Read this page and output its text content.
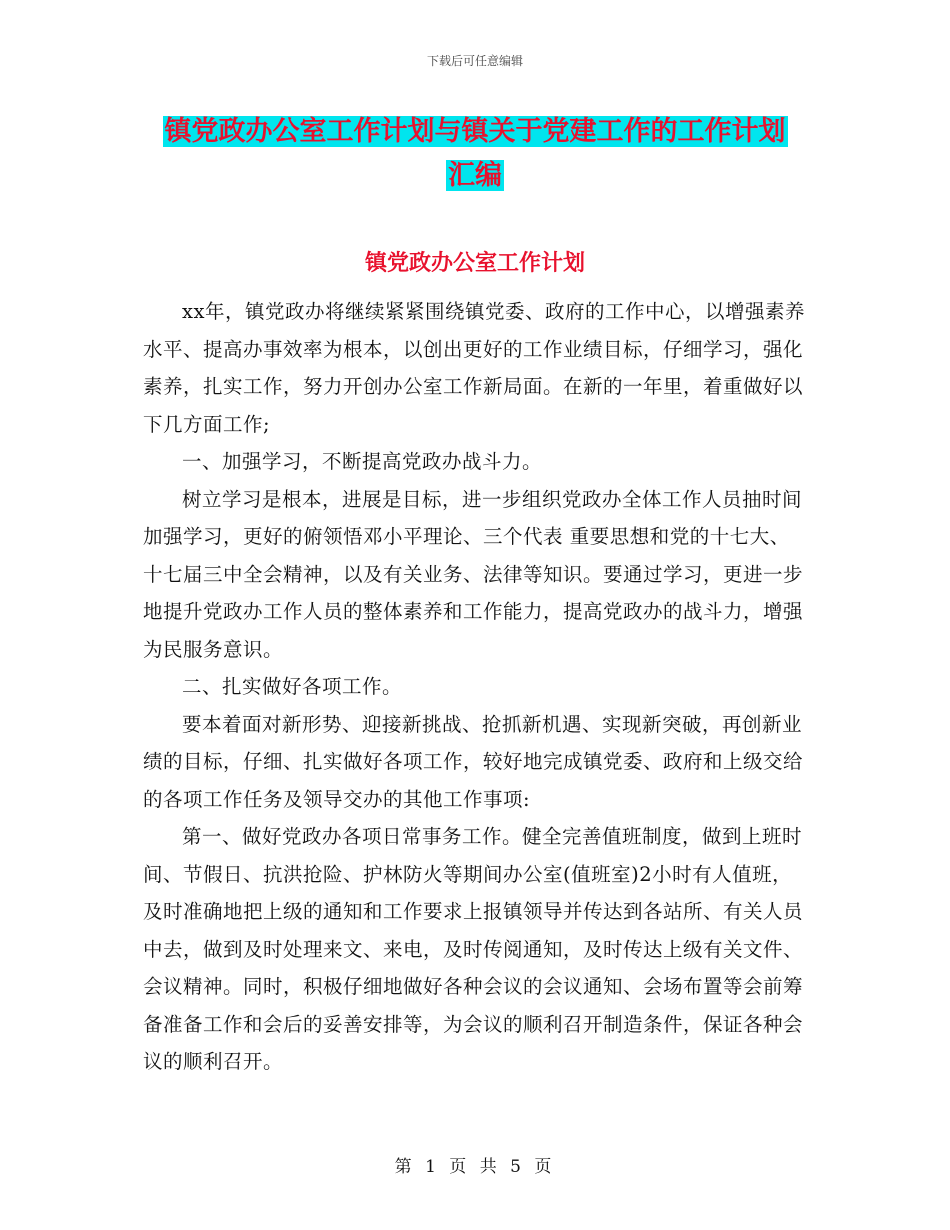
下载后可任意编辑
镇党政办公室工作计划与镇关于党建工作的工作计划
汇编
镇党政办公室工作计划

xx年，镇党政办将继续紧紧围绕镇党委、政府的工作中心，以增强素养水平、提高办事效率为根本，以创出更好的工作业绩目标，仔细学习，强化素养，扎实工作，努力开创办公室工作新局面。在新的一年里，着重做好以下几方面工作;

一、加强学习，不断提高党政办战斗力。

树立学习是根本，进展是目标，进一步组织党政办全体工作人员抽时间加强学习，更好的俯领悟邓小平理论、三个代表 重要思想和党的十七大、十七届三中全会精神，以及有关业务、法律等知识。要通过学习，更进一步地提升党政办工作人员的整体素养和工作能力，提高党政办的战斗力，增强为民服务意识。

二、扎实做好各项工作。

要本着面对新形势、迎接新挑战、抢抓新机遇、实现新突破，再创新业绩的目标，仔细、扎实做好各项工作，较好地完成镇党委、政府和上级交给的各项工作任务及领导交办的其他工作事项:

第一、做好党政办各项日常事务工作。健全完善值班制度，做到上班时间、节假日、抗洪抢险、护林防火等期间办公室(值班室)2小时有人值班，及时准确地把上级的通知和工作要求上报镇领导并传达到各站所、有关人员中去，做到及时处理来文、来电，及时传阅通知，及时传达上级有关文件、会议精神。同时，积极仔细地做好各种会议的会议通知、会场布置等会前筹备准备工作和会后的妥善安排等，为会议的顺利召开制造条件，保证各种会议的顺利召开。

第 1 页 共 5 页
